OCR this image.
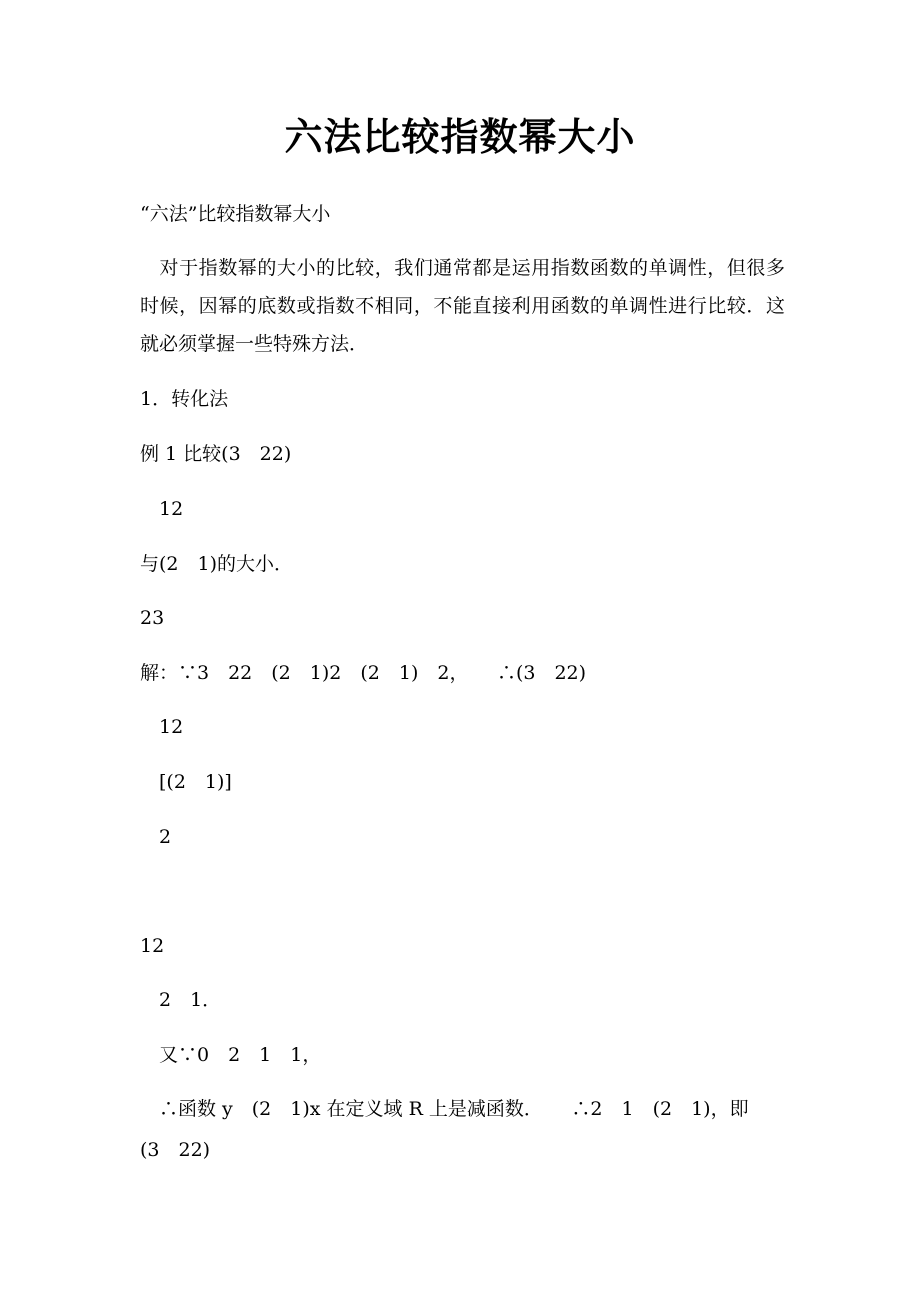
六法比较指数幂大小
“六法”比较指数幂大小
　对于指数幂的大小的比较，我们通常都是运用指数函数的单调性，但很多时候，因幂的底数或指数不相同，不能直接利用函数的单调性进行比较．这就必须掌握一些特殊方法．
1．转化法
例 1 比较(3　22)
12
与(2　1)的大小．
23
解：∵3　22　(2　1)2　(2　1)　2，　　∴(3　22)
12
[(2　1)]
2
12
2　1．
又∵0　2　1　1，
∴函数 y　(2　1)x 在定义域 R 上是减函数．　　∴2　1　(2　1)，即
(3　22)
